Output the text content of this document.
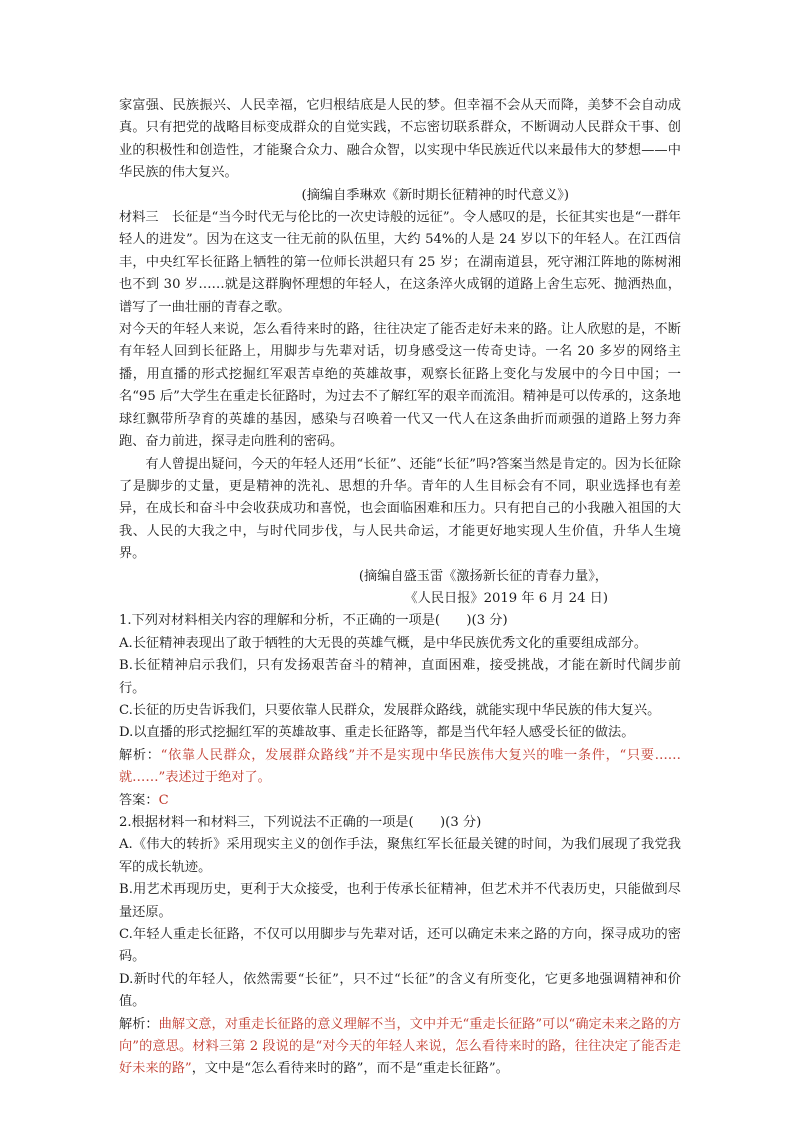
家富强、民族振兴、人民幸福，它归根结底是人民的梦。但幸福不会从天而降，美梦不会自动成真。只有把党的战略目标变成群众的自觉实践，不忘密切联系群众，不断调动人民群众干事、创业的积极性和创造性，才能聚合众力、融合众智，以实现中华民族近代以来最伟大的梦想——中华民族的伟大复兴。

(摘编自季琳欢《新时期长征精神的时代意义》)

材料三　长征是“当今时代无与伦比的一次史诗般的远征”。令人感叹的是，长征其实也是“一群年轻人的进发”。因为在这支一往无前的队伍里，大约 54%的人是 24 岁以下的年轻人。在江西信丰，中央红军长征路上牺牲的第一位师长洪超只有 25 岁；在湖南道县，死守湘江阵地的陈树湘也不到 30 岁……就是这群胸怀理想的年轻人，在这条淬火成钢的道路上舍生忘死、抛洒热血，谱写了一曲壮丽的青春之歌。

对今天的年轻人来说，怎么看待来时的路，往往决定了能否走好未来的路。让人欣慰的是，不断有年轻人回到长征路上，用脚步与先辈对话，切身感受这一传奇史诗。一名 20 多岁的网络主播，用直播的形式挖掘红军艰苦卓绝的英雄故事，观察长征路上变化与发展中的今日中国；一名“95 后”大学生在重走长征路时，为过去不了解红军的艰辛而流泪。精神是可以传承的，这条地球红飘带所孕育的英雄的基因，感染与召唤着一代又一代人在这条曲折而顽强的道路上努力奔跑、奋力前进，探寻走向胜利的密码。

有人曾提出疑问，今天的年轻人还用“长征”、还能“长征”吗?答案当然是肯定的。因为长征除了是脚步的丈量，更是精神的洗礼、思想的升华。青年的人生目标会有不同，职业选择也有差异，在成长和奋斗中会收获成功和喜悦，也会面临困难和压力。只有把自己的小我融入祖国的大我、人民的大我之中，与时代同步伐，与人民共命运，才能更好地实现人生价值，升华人生境界。

(摘编自盛玉雷《激扬新长征的青春力量》，

《人民日报》2019 年 6 月 24 日)

1.下列对材料相关内容的理解和分析，不正确的一项是(　　)(3 分)

A.长征精神表现出了敢于牺牲的大无畏的英雄气概，是中华民族优秀文化的重要组成部分。

B.长征精神启示我们，只有发扬艰苦奋斗的精神，直面困难，接受挑战，才能在新时代阔步前行。

C.长征的历史告诉我们，只要依靠人民群众，发展群众路线，就能实现中华民族的伟大复兴。

D.以直播的形式挖掘红军的英雄故事、重走长征路等，都是当代年轻人感受长征的做法。

解析：“依靠人民群众，发展群众路线”并不是实现中华民族伟大复兴的唯一条件，“只要……就……”表述过于绝对了。

答案：C

2.根据材料一和材料三，下列说法不正确的一项是(　　)(3 分)

A.《伟大的转折》采用现实主义的创作手法，聚焦红军长征最关键的时间，为我们展现了我党我军的成长轨迹。

B.用艺术再现历史，更利于大众接受，也利于传承长征精神，但艺术并不代表历史，只能做到尽量还原。

C.年轻人重走长征路，不仅可以用脚步与先辈对话，还可以确定未来之路的方向，探寻成功的密码。

D.新时代的年轻人，依然需要“长征”，只不过“长征”的含义有所变化，它更多地强调精神和价值。

解析：曲解文意，对重走长征路的意义理解不当，文中并无“重走长征路”可以“确定未来之路的方向”的意思。材料三第 2 段说的是“对今天的年轻人来说，怎么看待来时的路，往往决定了能否走好未来的路”，文中是“怎么看待来时的路”，而不是“重走长征路”。
